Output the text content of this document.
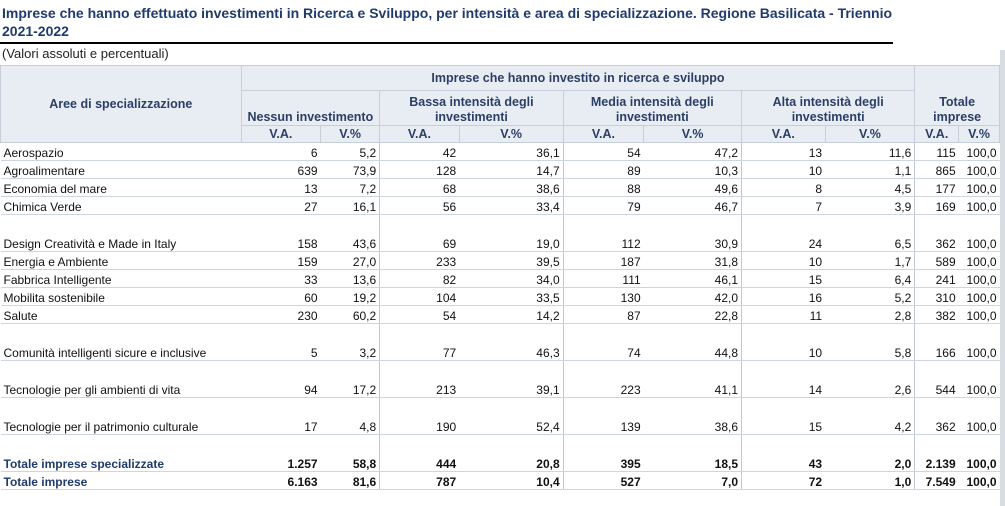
Imprese che hanno effettuato investimenti in Ricerca e Sviluppo, per intensità e area di specializzazione. Regione Basilicata - Triennio 2021-2022
(Valori assoluti e percentuali)
Aree di specializzazione	Imprese che hanno investito in ricerca e sviluppo									
	Nessun investimento		Bassa intensità degli investimenti		Media intensità degli investimenti		Alta intensità degli investimenti		Totale imprese	
	V.A.	V.%	V.A.	V.%	V.A.	V.%	V.A.	V.%	V.A.	V.%
Aerospazio	6	5,2	42	36,1	54	47,2	13	11,6	115	100,0
Agroalimentare	639	73,9	128	14,7	89	10,3	10	1,1	865	100,0
Economia del mare	13	7,2	68	38,6	88	49,6	8	4,5	177	100,0
Chimica Verde	27	16,1	56	33,4	79	46,7	7	3,9	169	100,0
Design Creatività e Made in Italy	158	43,6	69	19,0	112	30,9	24	6,5	362	100,0
Energia e Ambiente	159	27,0	233	39,5	187	31,8	10	1,7	589	100,0
Fabbrica Intelligente	33	13,6	82	34,0	111	46,1	15	6,4	241	100,0
Mobilita sostenibile	60	19,2	104	33,5	130	42,0	16	5,2	310	100,0
Salute	230	60,2	54	14,2	87	22,8	11	2,8	382	100,0
Comunità intelligenti sicure e inclusive	5	3,2	77	46,3	74	44,8	10	5,8	166	100,0
Tecnologie per gli ambienti di vita	94	17,2	213	39,1	223	41,1	14	2,6	544	100,0
Tecnologie per il patrimonio culturale	17	4,8	190	52,4	139	38,6	15	4,2	362	100,0
Totale imprese specializzate	1.257	58,8	444	20,8	395	18,5	43	2,0	2.139	100,0
Totale imprese	6.163	81,6	787	10,4	527	7,0	72	1,0	7.549	100,0
